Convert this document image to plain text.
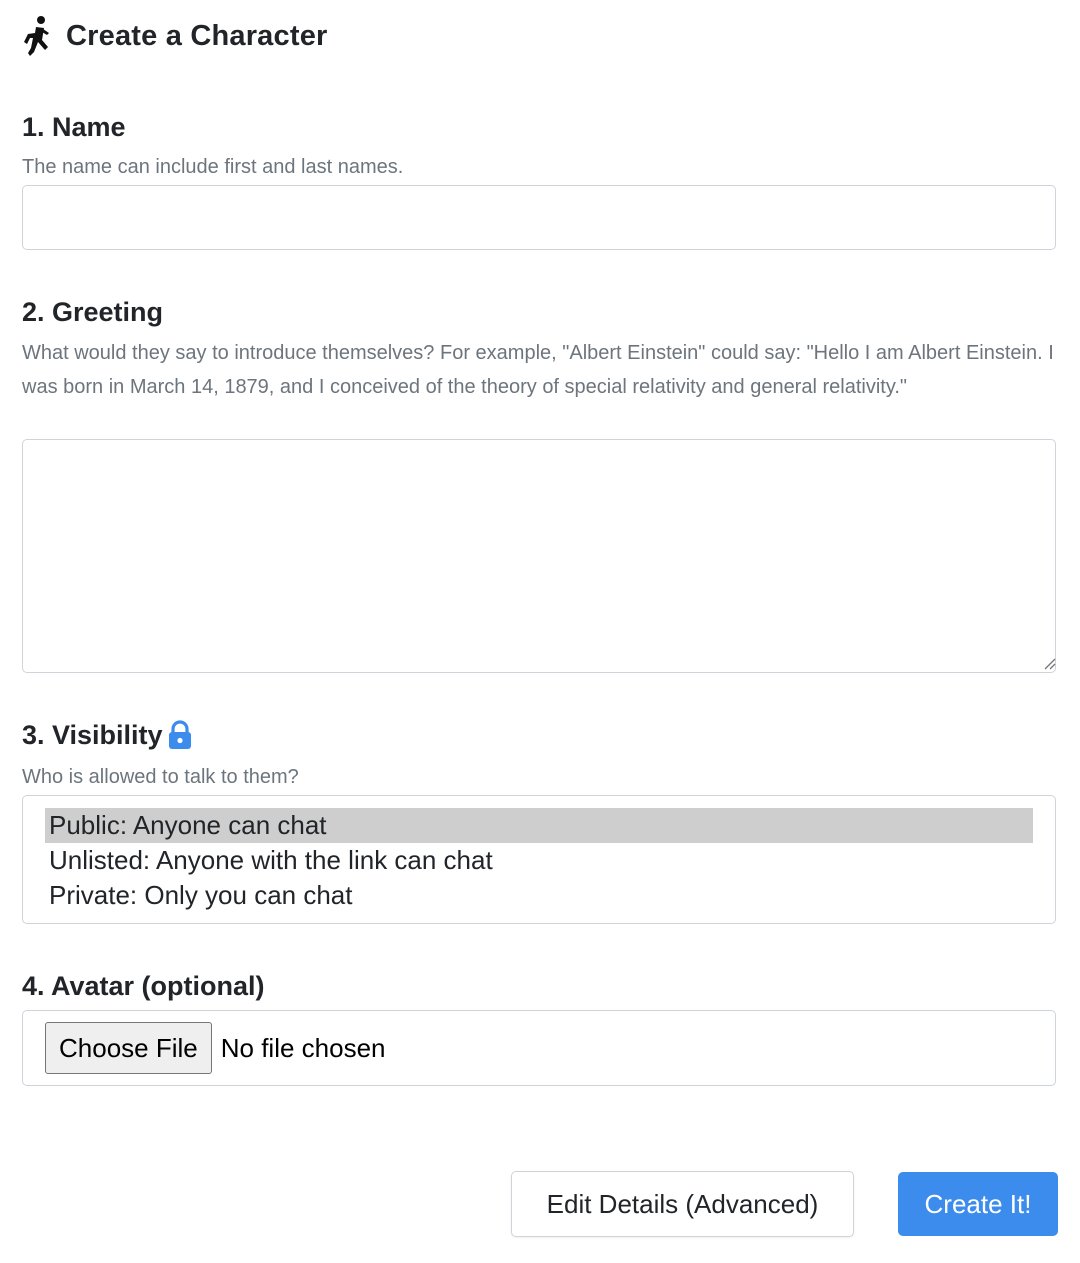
Create a Character
1. Name
The name can include first and last names.
2. Greeting
What would they say to introduce themselves? For example, "Albert Einstein" could say: "Hello I am Albert Einstein. I was born in March 14, 1879, and I conceived of the theory of special relativity and general relativity."
3. Visibility
Who is allowed to talk to them?
Public: Anyone can chat
Unlisted: Anyone with the link can chat
Private: Only you can chat
4. Avatar (optional)
Choose File No file chosen
Edit Details (Advanced)	Create It!
